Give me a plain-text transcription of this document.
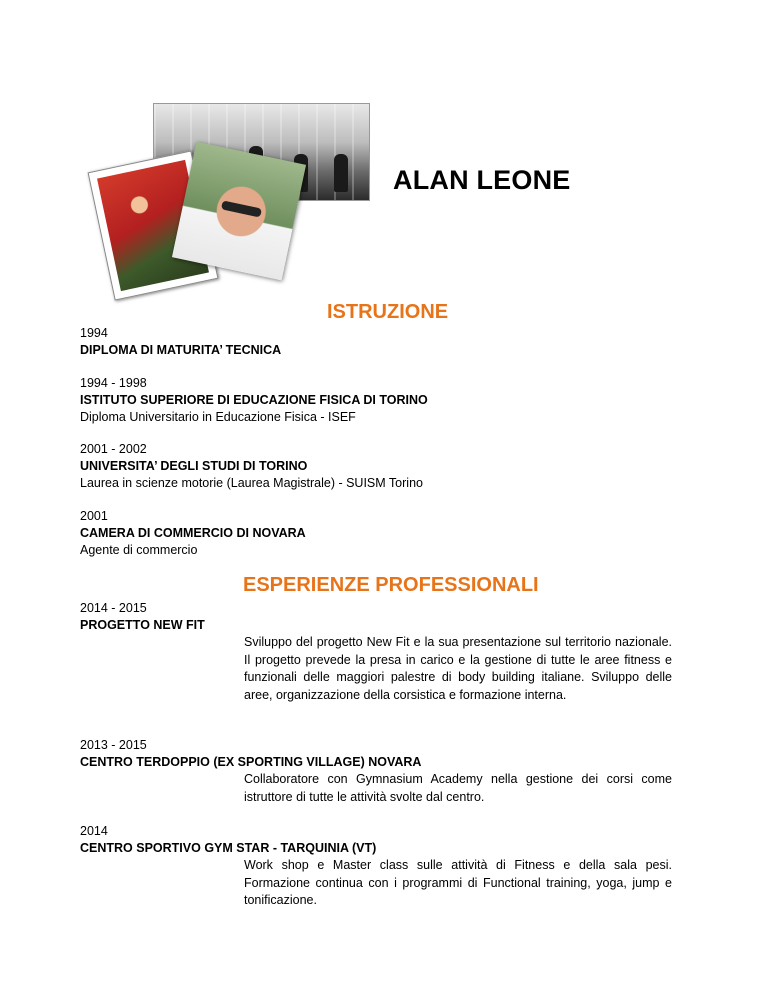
ALAN LEONE
ISTRUZIONE
1994
DIPLOMA DI MATURITA’ TECNICA
1994 - 1998
ISTITUTO SUPERIORE DI EDUCAZIONE FISICA DI TORINO
Diploma Universitario in Educazione Fisica - ISEF
2001 - 2002
UNIVERSITA’ DEGLI STUDI DI TORINO
Laurea in scienze motorie (Laurea Magistrale) - SUISM Torino
2001
CAMERA DI COMMERCIO DI NOVARA
Agente di commercio
ESPERIENZE PROFESSIONALI
2014 - 2015
PROGETTO NEW FIT
Sviluppo del progetto New Fit e la sua presentazione sul territorio nazionale. Il progetto prevede la presa in carico e la gestione di tutte le aree fitness e funzionali delle maggiori palestre di body building italiane. Sviluppo delle aree, organizzazione della corsistica e formazione interna.
2013 - 2015
CENTRO TERDOPPIO (EX SPORTING VILLAGE) NOVARA
Collaboratore con Gymnasium Academy nella gestione dei corsi come istruttore di tutte le attività svolte dal centro.
2014
CENTRO SPORTIVO GYM STAR - TARQUINIA (VT)
Work shop e Master class sulle attività di Fitness e della sala pesi. Formazione continua con i programmi di Functional training, yoga, jump e tonificazione.
